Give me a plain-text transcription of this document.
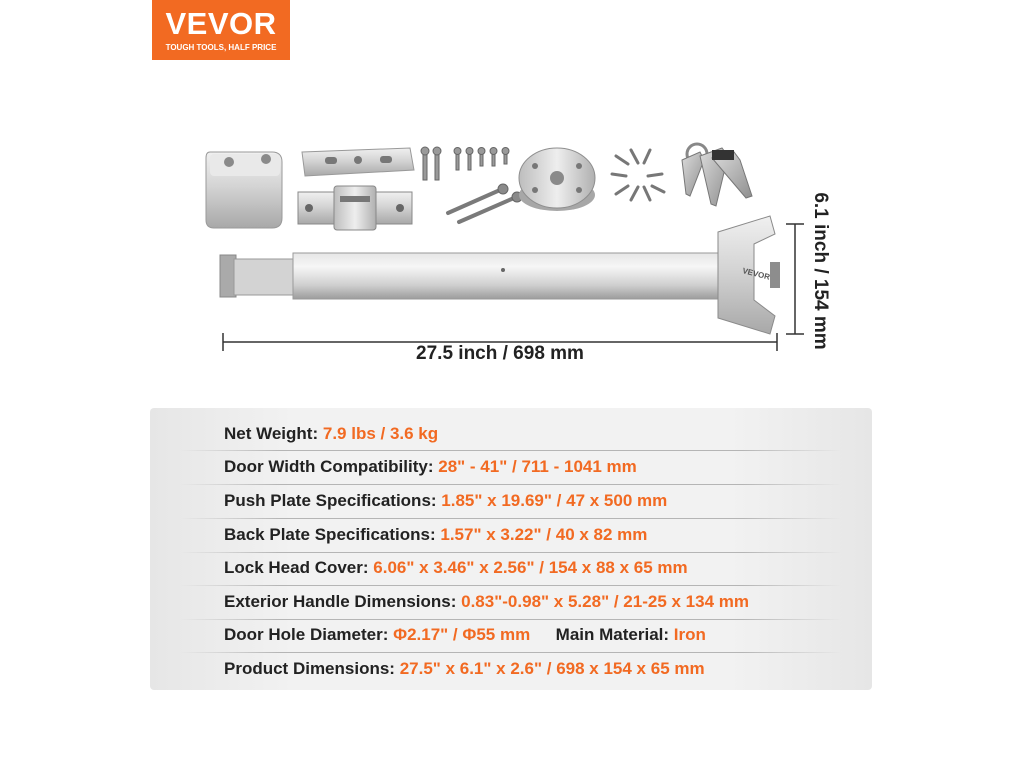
VEVOR
TOUGH TOOLS, HALF PRICE
VEVOR
27.5 inch / 698 mm
6.1 inch / 154 mm
Net Weight: 7.9 lbs / 3.6 kg
Door Width Compatibility: 28" - 41" / 711 - 1041 mm
Push Plate Specifications: 1.85" x 19.69" / 47 x 500 mm
Back Plate Specifications: 1.57" x 3.22" / 40 x 82 mm
Lock Head Cover: 6.06" x 3.46" x 2.56" / 154 x 88 x 65 mm
Exterior Handle Dimensions: 0.83"-0.98" x 5.28" / 21-25 x 134 mm
Door Hole Diameter: Φ2.17" / Φ55 mm Main Material: Iron
Product Dimensions: 27.5" x 6.1" x 2.6" / 698 x 154 x 65 mm
